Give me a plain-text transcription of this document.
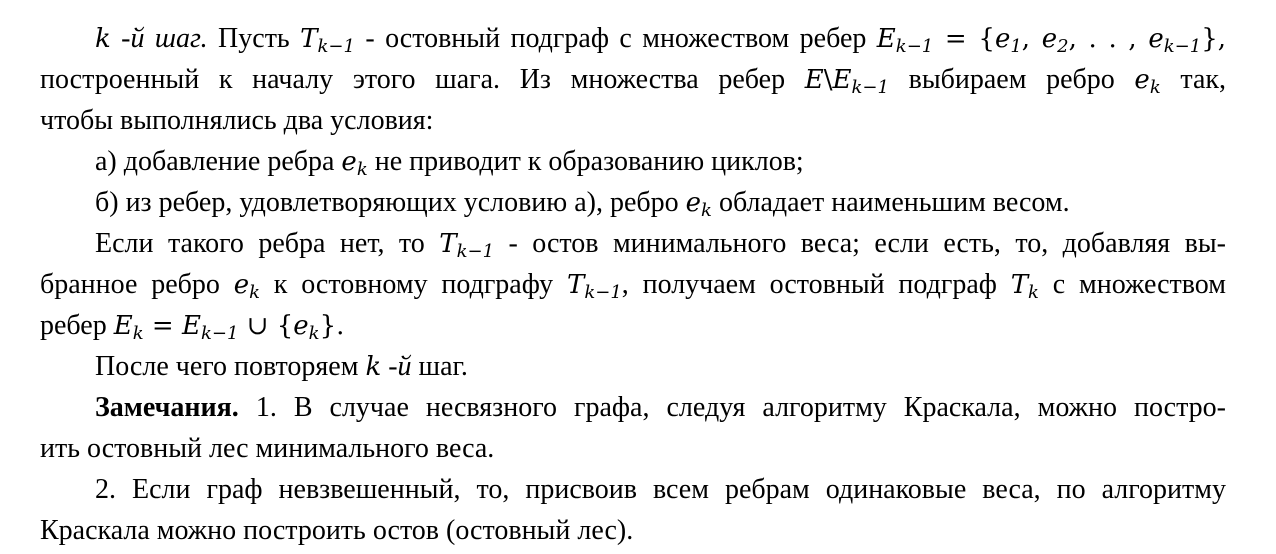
k -й шаг. Пусть $T_{k-1}$ - остовный подграф с множеством ребер $E_{k-1} = \{e_1$, $e_2$, . . , $e_{k-1}$},
построенный к началу этого шага. Из множества ребер $E\backslash E_{k-1}$ выбираем ребро $e_k$ так,
чтобы выполнялись два условия:
а) добавление ребра $e_k$ не приводит к образованию циклов;
б) из ребер, удовлетворяющих условию а), ребро $e_k$ обладает наименьшим весом.
Если такого ребра нет, то $T_{k-1}$ - остов минимального веса; если есть, то, добавляя вы-
бранное ребро $e_k$ к остовному подграфу $T_{k-1}$, получаем остовный подграф $T_k$ с множеством
ребер $E_k = E_{k-1}$ ∪ $\{e_k\}$.
После чего повторяем k -й шаг.
Замечания. 1. В случае несвязного графа, следуя алгоритму Краскала, можно постро-
ить остовный лес минимального веса.
2. Если граф невзвешенный, то, присвоив всем ребрам одинаковые веса, по алгоритму
Краскала можно построить остов (остовный лес).
